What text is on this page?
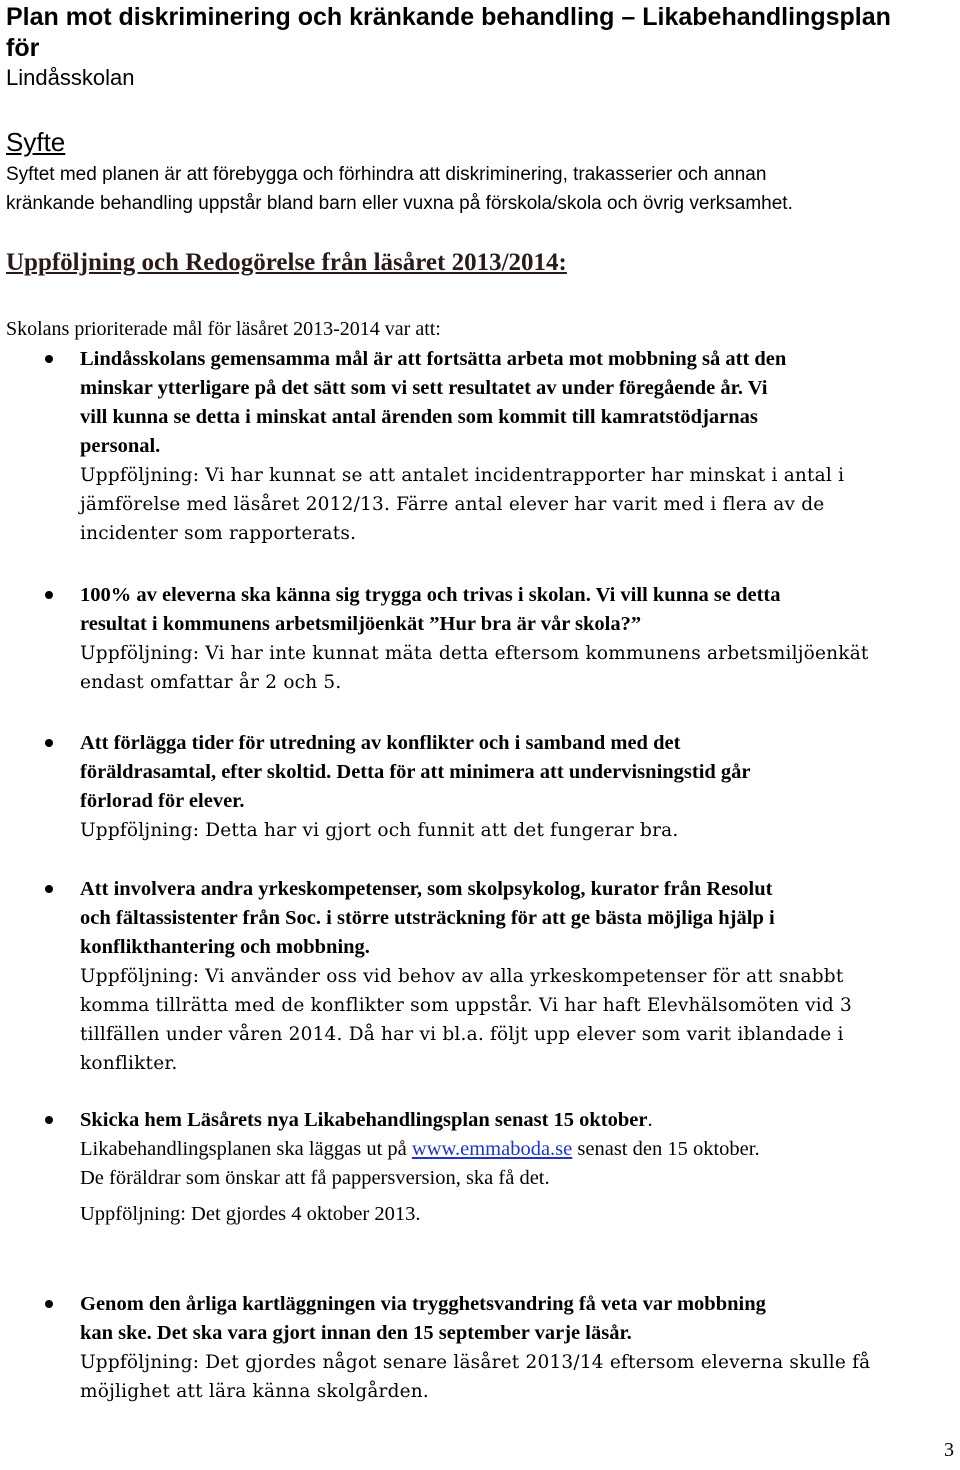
Plan mot diskriminering och kränkande behandling – Likabehandlingsplan
för
Lindåsskolan
Syfte
Syftet med planen är att förebygga och förhindra att diskriminering, trakasserier och annan
kränkande behandling uppstår bland barn eller vuxna på förskola/skola och övrig verksamhet.
Uppföljning och Redogörelse från läsåret 2013/2014:
Skolans prioriterade mål för läsåret 2013-2014 var att:
Lindåsskolans gemensamma mål är att fortsätta arbeta mot mobbning så att den
minskar ytterligare på det sätt som vi sett resultatet av under föregående år. Vi
vill kunna se detta i minskat antal ärenden som kommit till kamratstödjarnas
personal.
Uppföljning: Vi har kunnat se att antalet incidentrapporter har minskat i antal i
jämförelse med läsåret 2012/13. Färre antal elever har varit med i flera av de
incidenter som rapporterats.
100% av eleverna ska känna sig trygga och trivas i skolan. Vi vill kunna se detta
resultat i kommunens arbetsmiljöenkät ”Hur bra är vår skola?”
Uppföljning: Vi har inte kunnat mäta detta eftersom kommunens arbetsmiljöenkät
endast omfattar år 2 och 5.
Att förlägga tider för utredning av konflikter och i samband med det
föräldrasamtal, efter skoltid. Detta för att minimera att undervisningstid går
förlorad för elever.
Uppföljning: Detta har vi gjort och funnit att det fungerar bra.
Att involvera andra yrkeskompetenser, som skolpsykolog, kurator från Resolut
och fältassistenter från Soc. i större utsträckning för att ge bästa möjliga hjälp i
konflikthantering och mobbning.
Uppföljning: Vi använder oss vid behov av alla yrkeskompetenser för att snabbt
komma tillrätta med de konflikter som uppstår. Vi har haft Elevhälsomöten vid 3
tillfällen under våren 2014. Då har vi bl.a. följt upp elever som varit iblandade i
konflikter.
Skicka hem Läsårets nya Likabehandlingsplan senast 15 oktober.
Likabehandlingsplanen ska läggas ut på www.emmaboda.se senast den 15 oktober.
De föräldrar som önskar att få pappersversion, ska få det.
Uppföljning: Det gjordes 4 oktober 2013.
Genom den årliga kartläggningen via trygghetsvandring få veta var mobbning
kan ske. Det ska vara gjort innan den 15 september varje läsår.
Uppföljning: Det gjordes något senare läsåret 2013/14 eftersom eleverna skulle få
möjlighet att lära känna skolgården.
3
